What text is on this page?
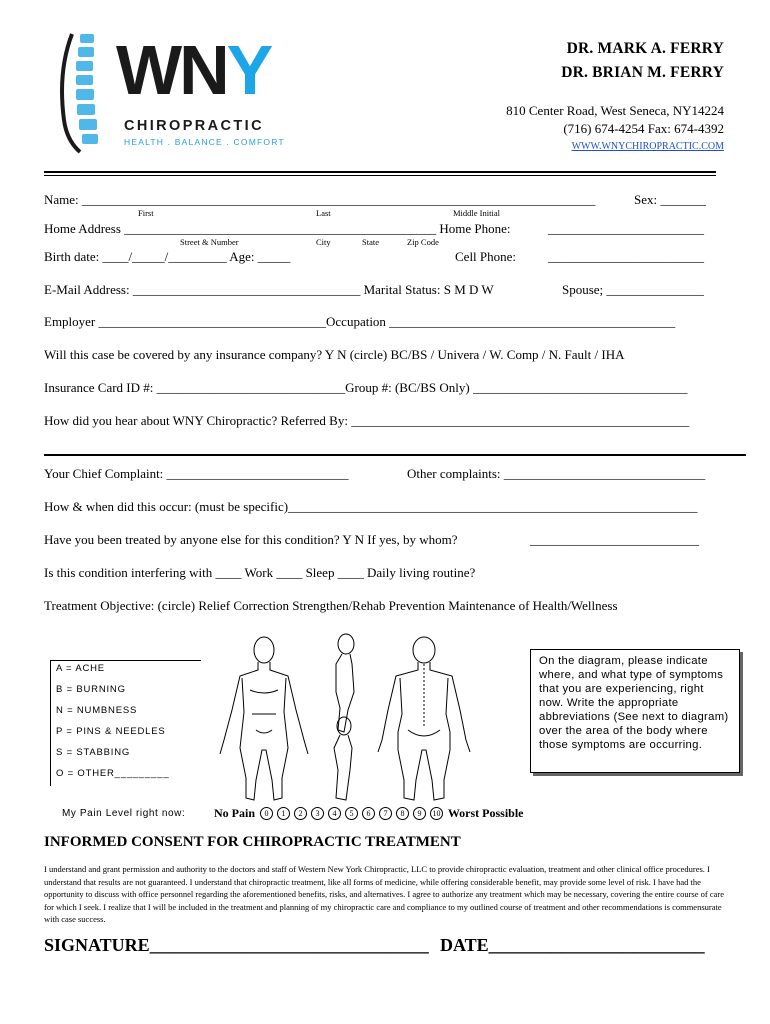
WNY
CHIROPRACTIC
HEALTH . BALANCE . COMFORT
DR. MARK A. FERRY
DR. BRIAN M. FERRY
810 Center Road, West Seneca, NY14224
(716) 674-4254 Fax: 674-4392
WWW.WNYCHIROPRACTIC.COM
Name: _______________________________________________________________________________	Sex: _______
First	Last	Middle Initial
Home Address ________________________________________________ Home Phone:	________________________
Street & Number	City	State	Zip Code
Birth date: ____/_____/_________ Age: _____	Cell Phone: ________________________
E-Mail Address: ___________________________________ Marital Status: S M D W	Spouse; _______________
Employer ___________________________________Occupation ____________________________________________
Will this case be covered by any insurance company? Y N (circle) BC/BS / Univera / W. Comp / N. Fault / IHA
Insurance Card ID #: _____________________________Group #: (BC/BS Only) _________________________________
How did you hear about WNY Chiropractic? Referred By: ____________________________________________________
Your Chief Complaint: ____________________________	Other complaints: _______________________________
How & when did this occur: (must be specific)_______________________________________________________________
Have you been treated by anyone else for this condition? Y N If yes, by whom?	__________________________
Is this condition interfering with ____ Work ____ Sleep ____ Daily living routine?
Treatment Objective: (circle) Relief Correction Strengthen/Rehab Prevention Maintenance of Health/Wellness
A = ACHE
B = BURNING
N = NUMBNESS
P = PINS & NEEDLES
S = STABBING
O = OTHER_________
On the diagram, please indicate where, and what type of symptoms that you are experiencing, right now. Write the appropriate abbreviations (See next to diagram) over the area of the body where those symptoms are occurring.
My Pain Level right now: No Pain 0 1 2 3 4 5 6 7 8 9 10 Worst Possible
INFORMED CONSENT FOR CHIROPRACTIC TREATMENT
I understand and grant permission and authority to the doctors and staff of Western New York Chiropractic, LLC to provide chiropractic evaluation, treatment and other clinical office procedures. I understand that results are not guaranteed. I understand that chiropractic treatment, like all forms of medicine, while offering considerable benefit, may provide some level of risk. I have had the opportunity to discuss with office personnel regarding the aforementioned benefits, risks, and alternatives. I agree to authorize any treatment which may be necessary, covering the entire course of care for which I seek. I realize that I will be included in the treatment and planning of my chiropractic care and compliance to my outlined course of treatment and other recommendations is commensurate with case success.
SIGNATURE_______________________________ DATE________________________
